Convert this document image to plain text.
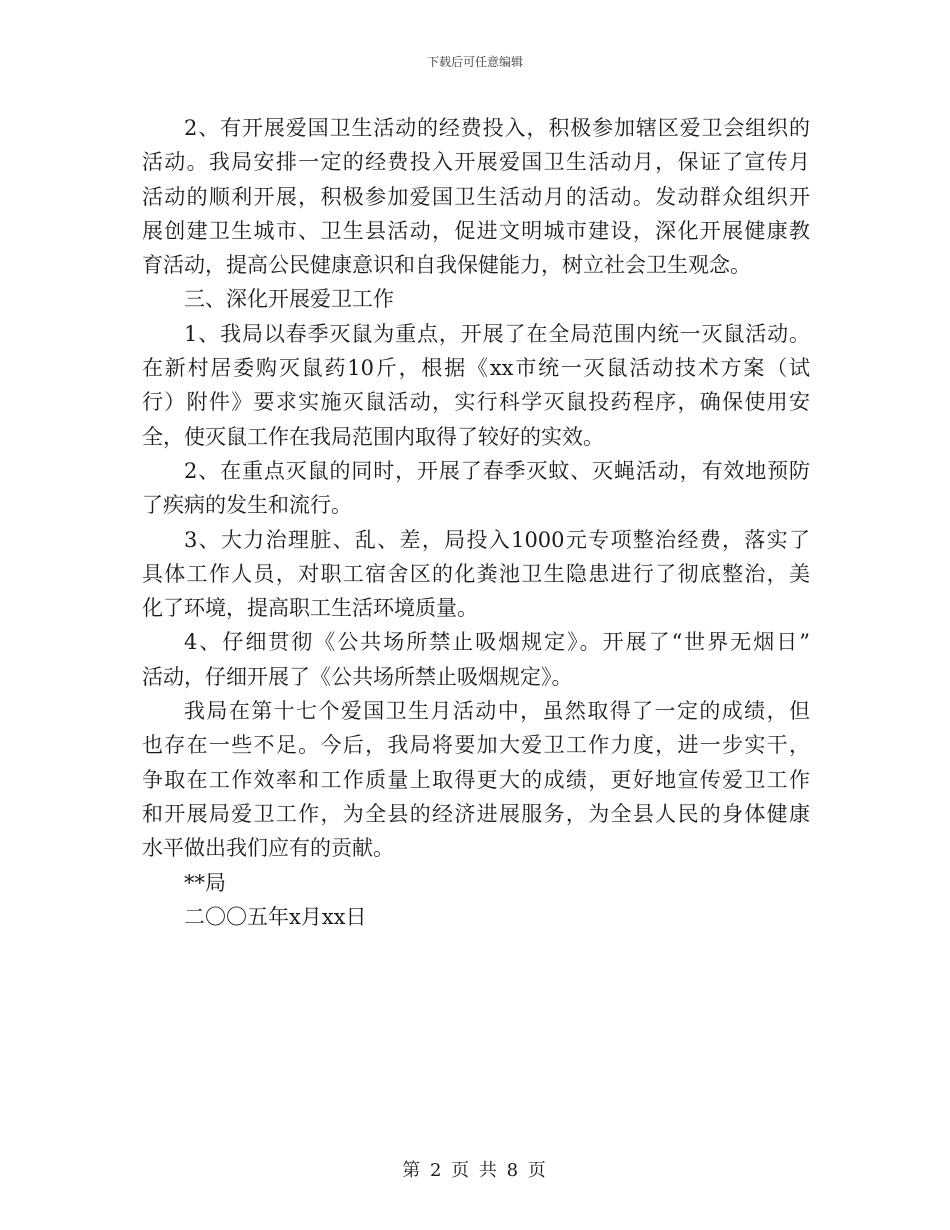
下载后可任意编辑
2、有开展爱国卫生活动的经费投入，积极参加辖区爱卫会组织的
活动。我局安排一定的经费投入开展爱国卫生活动月，保证了宣传月
活动的顺利开展，积极参加爱国卫生活动月的活动。发动群众组织开
展创建卫生城市、卫生县活动，促进文明城市建设，深化开展健康教
育活动，提高公民健康意识和自我保健能力，树立社会卫生观念。
三、深化开展爱卫工作
1、我局以春季灭鼠为重点，开展了在全局范围内统一灭鼠活动。
在新村居委购灭鼠药10斤，根据《xx市统一灭鼠活动技术方案（试
行）附件》要求实施灭鼠活动，实行科学灭鼠投药程序，确保使用安
全，使灭鼠工作在我局范围内取得了较好的实效。
2、在重点灭鼠的同时，开展了春季灭蚊、灭蝇活动，有效地预防
了疾病的发生和流行。
3、大力治理脏、乱、差，局投入1000元专项整治经费，落实了
具体工作人员，对职工宿舍区的化粪池卫生隐患进行了彻底整治，美
化了环境，提高职工生活环境质量。
4、仔细贯彻《公共场所禁止吸烟规定》。开展了“世界无烟日”
活动，仔细开展了《公共场所禁止吸烟规定》。
我局在第十七个爱国卫生月活动中，虽然取得了一定的成绩，但
也存在一些不足。今后，我局将要加大爱卫工作力度，进一步实干，
争取在工作效率和工作质量上取得更大的成绩，更好地宣传爱卫工作
和开展局爱卫工作，为全县的经济进展服务，为全县人民的身体健康
水平做出我们应有的贡献。
**局
二〇〇五年x月xx日
第 2 页 共 8 页
